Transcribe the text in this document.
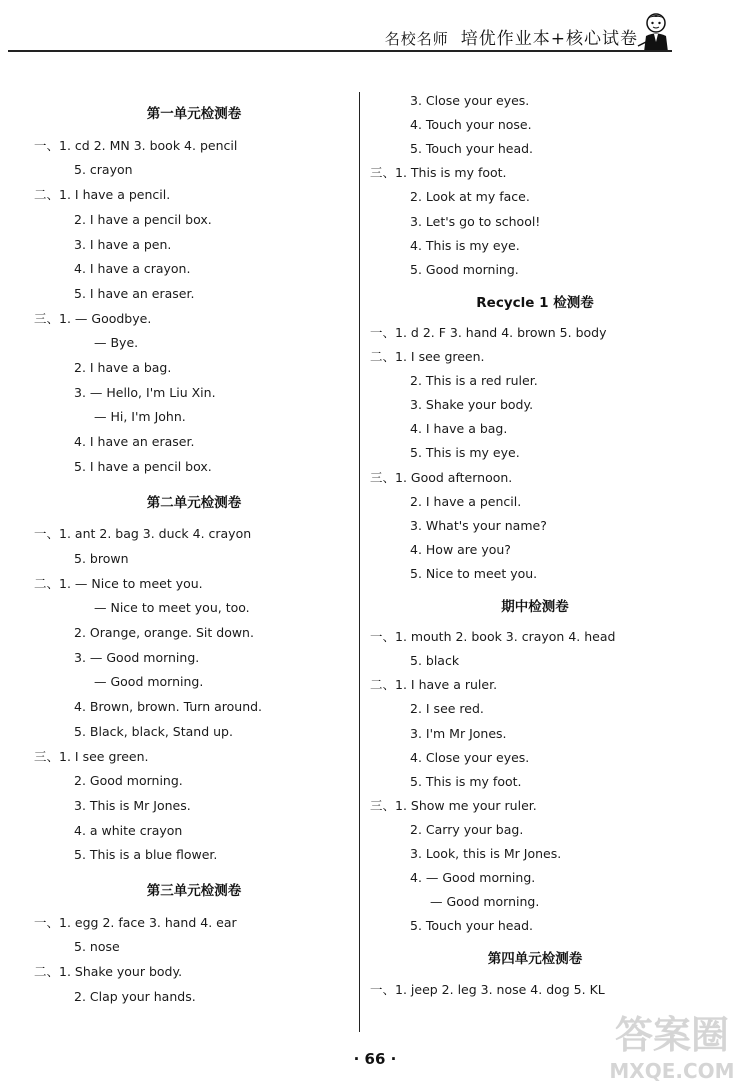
名校名师 培优作业本+核心试卷
第一单元检测卷
一、1. cd 2. MN 3. book 4. pencil
5. crayon
二、1. I have a pencil.
2. I have a pencil box.
3. I have a pen.
4. I have a crayon.
5. I have an eraser.
三、1. — Goodbye.
— Bye.
2. I have a bag.
3. — Hello, I'm Liu Xin.
— Hi, I'm John.
4. I have an eraser.
5. I have a pencil box.
第二单元检测卷
一、1. ant 2. bag 3. duck 4. crayon
5. brown
二、1. — Nice to meet you.
— Nice to meet you, too.
2. Orange, orange. Sit down.
3. — Good morning.
— Good morning.
4. Brown, brown. Turn around.
5. Black, black, Stand up.
三、1. I see green.
2. Good morning.
3. This is Mr Jones.
4. a white crayon
5. This is a blue flower.
第三单元检测卷
一、1. egg 2. face 3. hand 4. ear
5. nose
二、1. Shake your body.
2. Clap your hands.
3. Close your eyes.
4. Touch your nose.
5. Touch your head.
三、1. This is my foot.
2. Look at my face.
3. Let's go to school!
4. This is my eye.
5. Good morning.
Recycle 1 检测卷
一、1. d 2. F 3. hand 4. brown 5. body
二、1. I see green.
2. This is a red ruler.
3. Shake your body.
4. I have a bag.
5. This is my eye.
三、1. Good afternoon.
2. I have a pencil.
3. What's your name?
4. How are you?
5. Nice to meet you.
期中检测卷
一、1. mouth 2. book 3. crayon 4. head
5. black
二、1. I have a ruler.
2. I see red.
3. I'm Mr Jones.
4. Close your eyes.
5. This is my foot.
三、1. Show me your ruler.
2. Carry your bag.
3. Look, this is Mr Jones.
4. — Good morning.
— Good morning.
5. Touch your head.
第四单元检测卷
一、1. jeep 2. leg 3. nose 4. dog 5. KL
· 66 ·
答案圈
MXQE.COM
